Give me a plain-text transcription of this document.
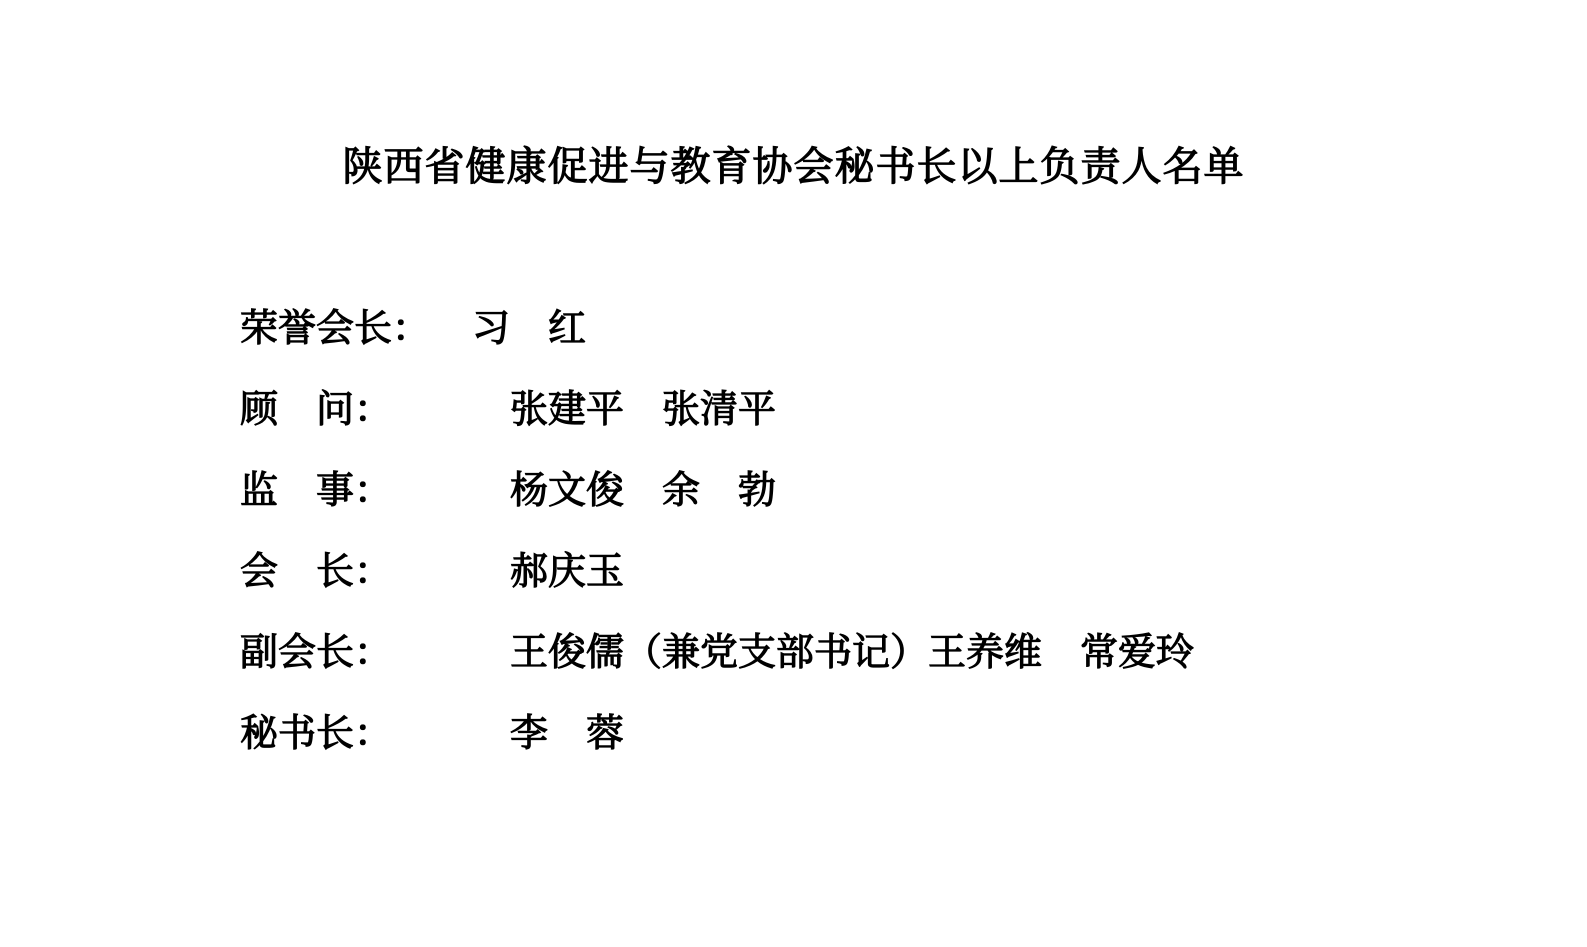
陕西省健康促进与教育协会秘书长以上负责人名单
荣誉会长：	习　红
顾　问：	　张建平　张清平
监　事：	　杨文俊　余　勃
会　长：	　郝庆玉
副会长：	　王俊儒（兼党支部书记）王养维　常爱玲
秘书长：	　李　蓉
